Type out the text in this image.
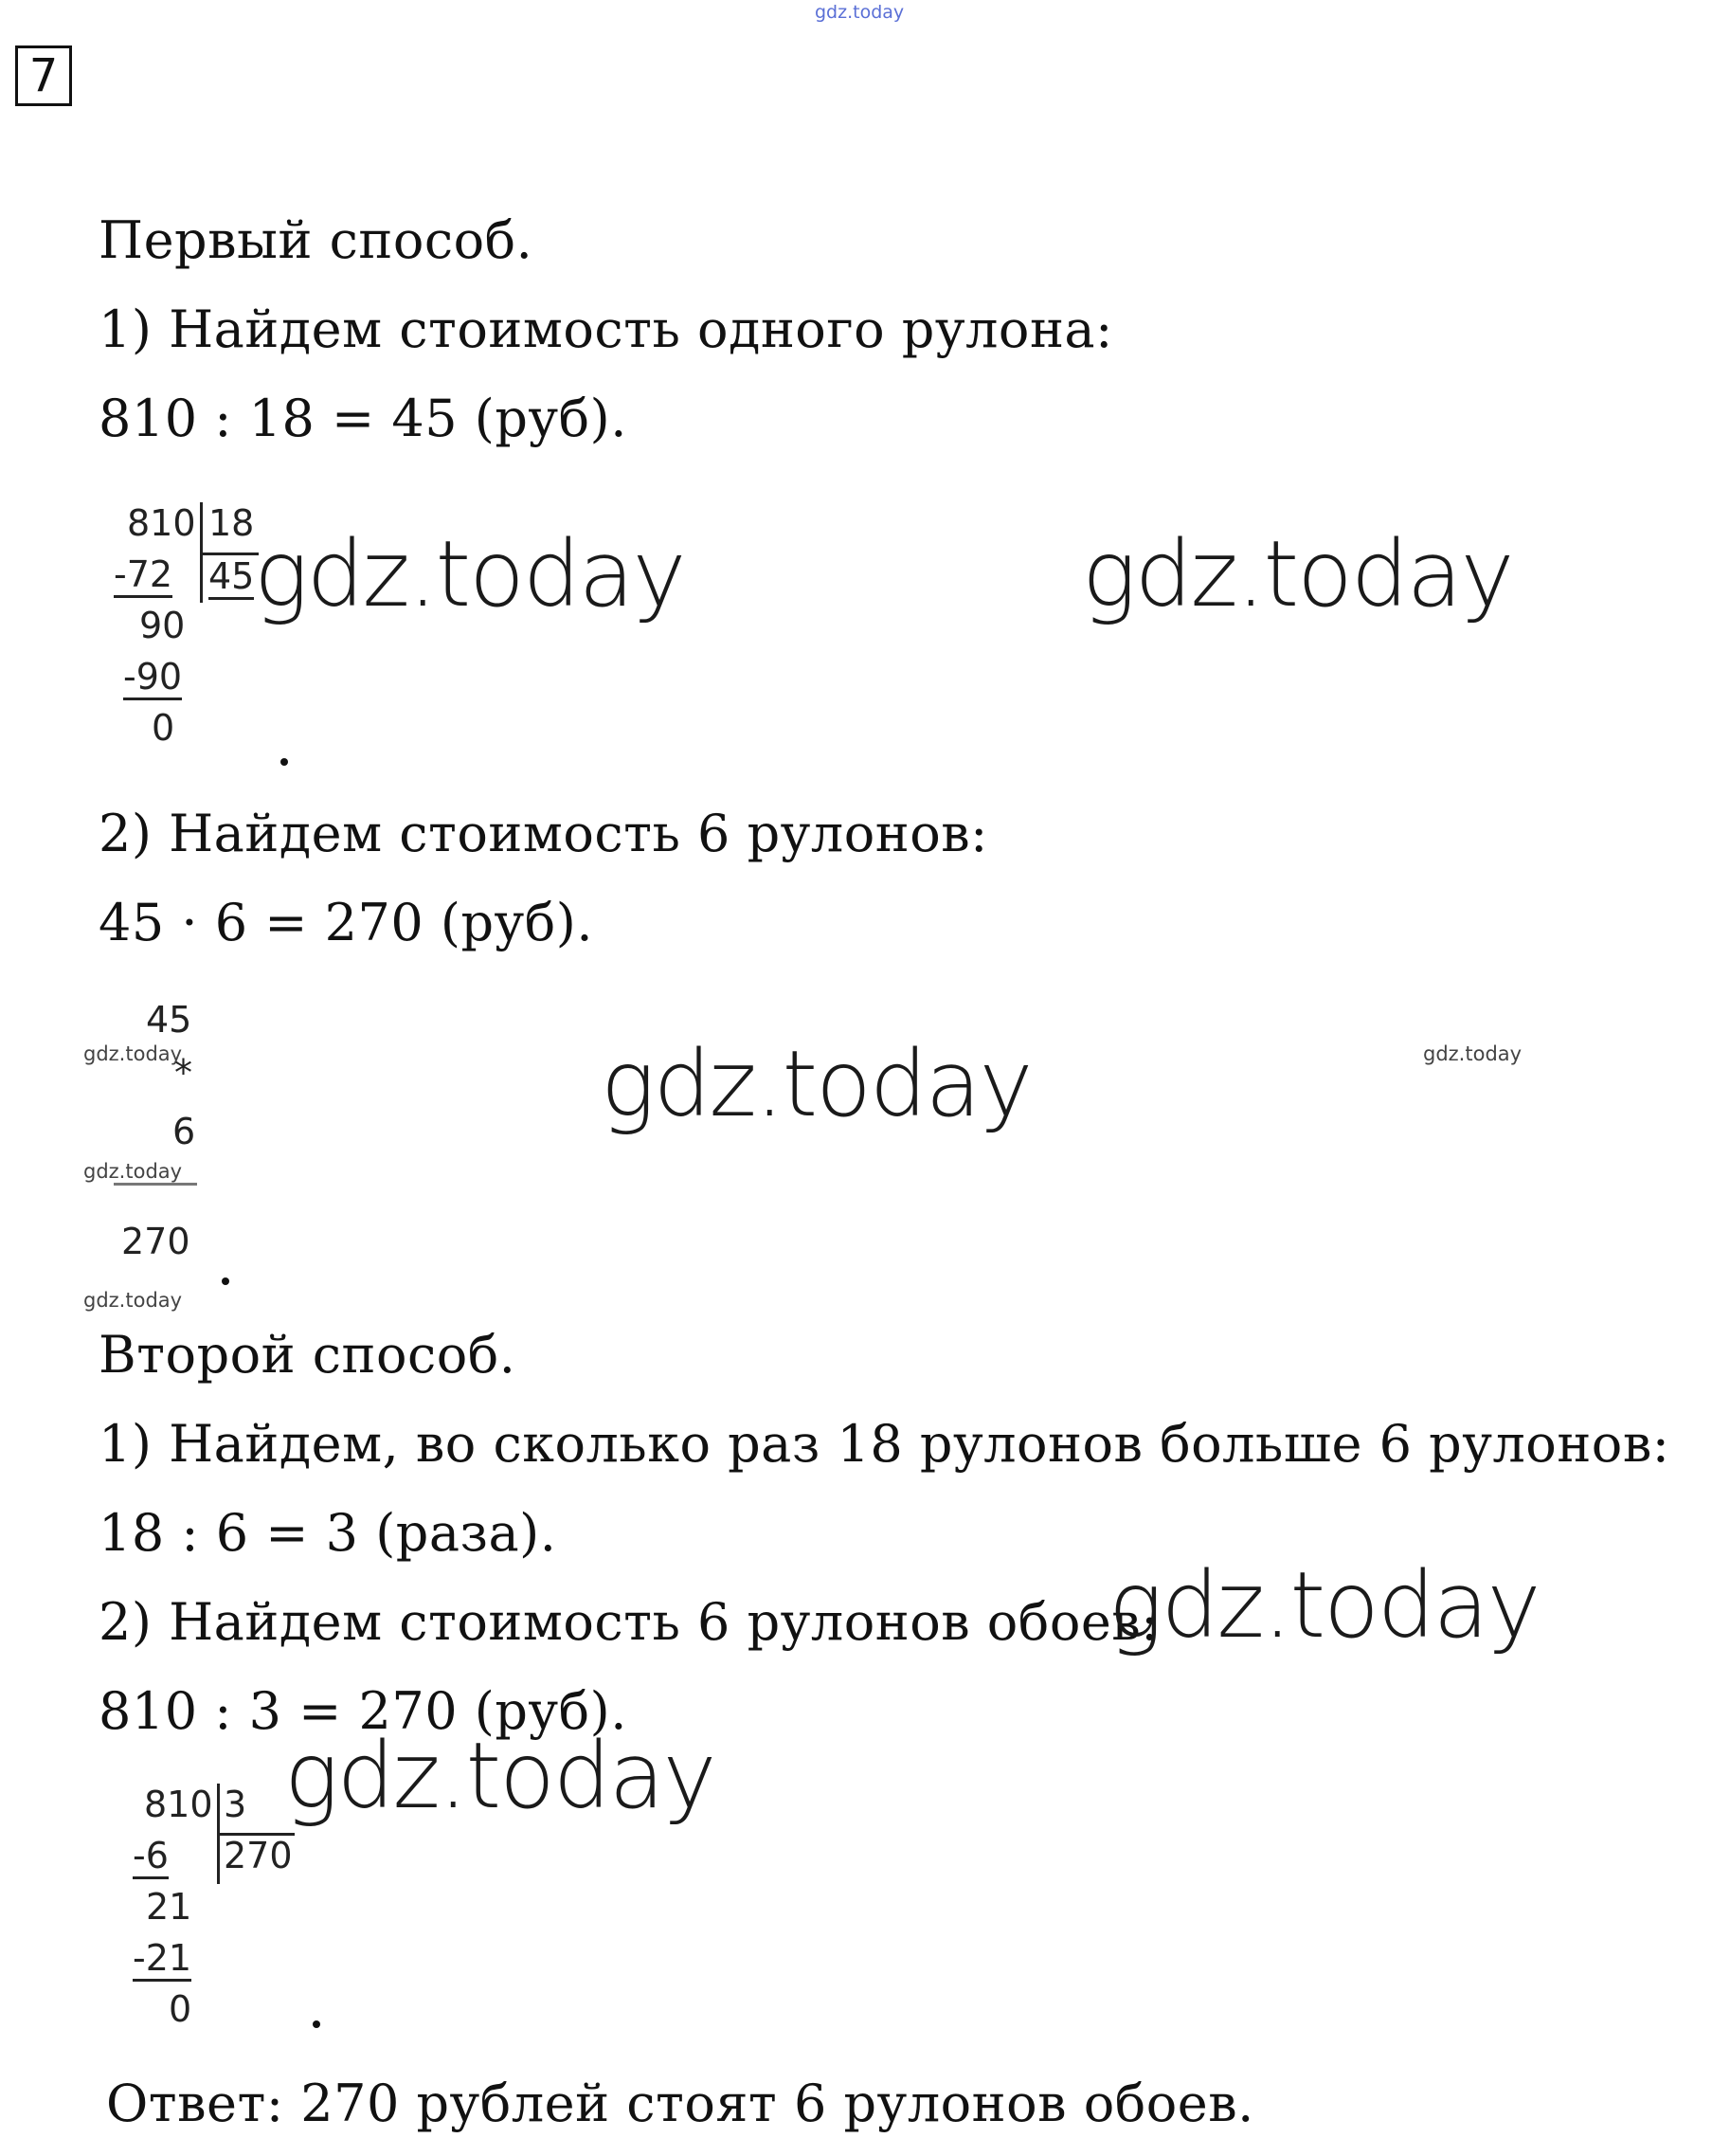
gdz.today
7
Первый способ.
1) Найдем стоимость одного рулона:
810 : 18 = 45 (руб).
810 18
45
-72
90
-90
0
gdz.today	gdz.today
2) Найдем стоимость 6 рулонов:
45 · 6 = 270 (руб).
45
*
6
270
gdz.today
gdz.today
gdz.today
gdz.today
gdz.today
Второй способ.
1) Найдем, во сколько раз 18 рулонов больше 6 рулонов:
18 : 6 = 3 (раза).
2) Найдем стоимость 6 рулонов обоев:
gdz.today
810 : 3 = 270 (руб).
810 3
270
-6
21
-21
0
gdz.today
Ответ: 270 рублей стоят 6 рулонов обоев.
